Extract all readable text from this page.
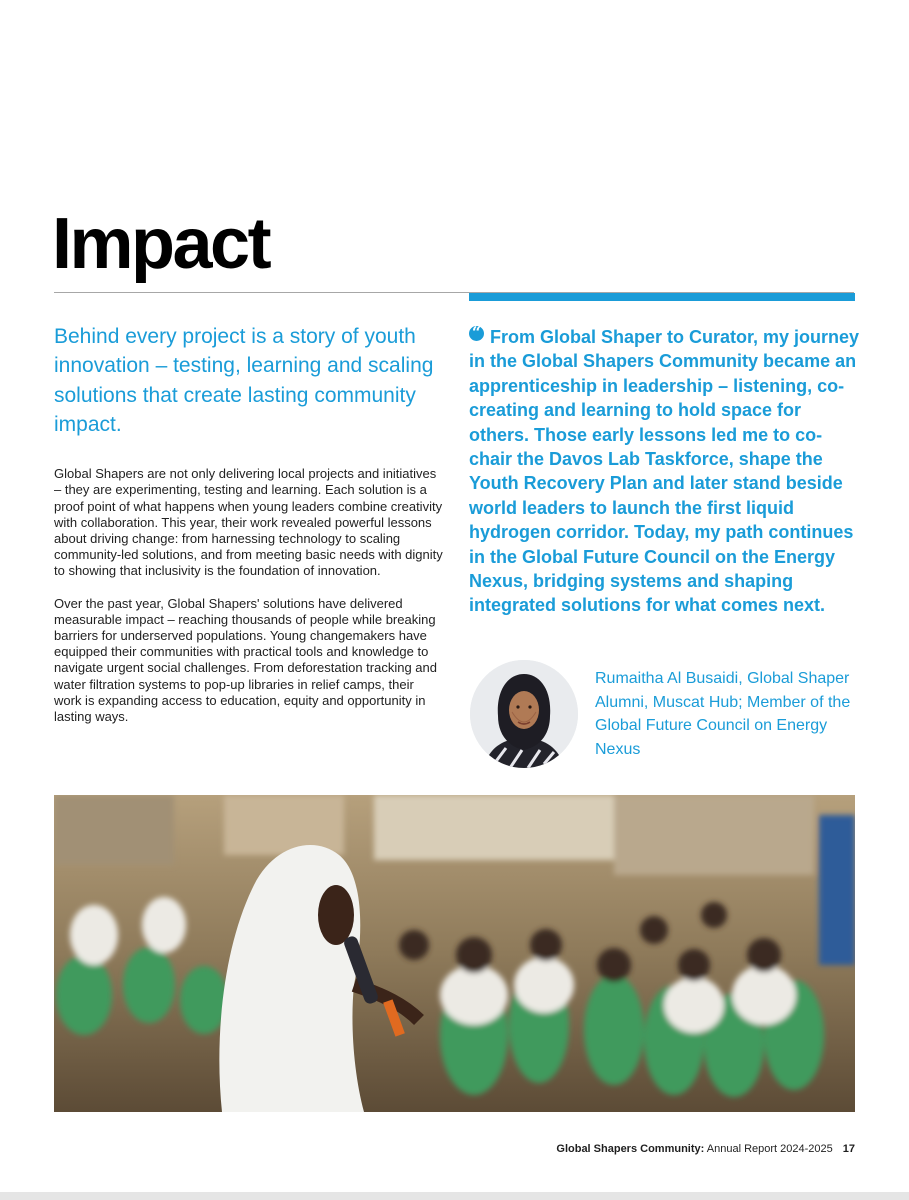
Impact

Behind every project is a story of youth innovation – testing, learning and scaling solutions that create lasting community impact.

Global Shapers are not only delivering local projects and initiatives – they are experimenting, testing and learning. Each solution is a proof point of what happens when young leaders combine creativity with collaboration. This year, their work revealed powerful lessons about driving change: from harnessing technology to scaling community-led solutions, and from meeting basic needs with dignity to showing that inclusivity is the foundation of innovation.

Over the past year, Global Shapers' solutions have delivered measurable impact – reaching thousands of people while breaking barriers for underserved populations. Young changemakers have equipped their communities with practical tools and knowledge to navigate urgent social challenges. From deforestation tracking and water filtration systems to pop-up libraries in relief camps, their work is expanding access to education, equity and opportunity in lasting ways.

“From Global Shaper to Curator, my journey in the Global Shapers Community became an apprenticeship in leadership – listening, co-creating and learning to hold space for others. Those early lessons led me to co-chair the Davos Lab Taskforce, shape the Youth Recovery Plan and later stand beside world leaders to launch the first liquid hydrogen corridor. Today, my path continues in the Global Future Council on the Energy Nexus, bridging systems and shaping integrated solutions for what comes next.

Rumaitha Al Busaidi, Global Shaper Alumni, Muscat Hub; Member of the Global Future Council on Energy Nexus

Global Shapers Community: Annual Report 2024-2025 17
